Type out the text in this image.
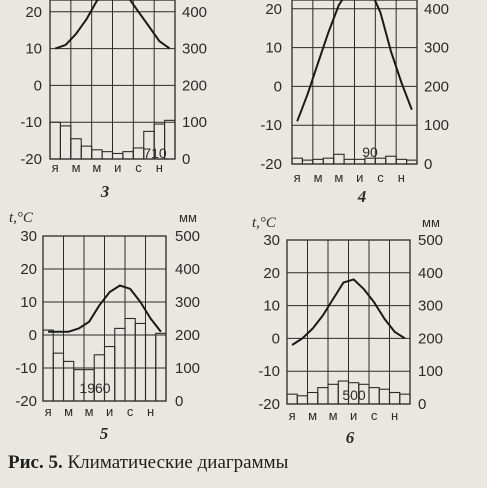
20
10
0
-10
-20
400
300
200
100
0
я м м и с н
710
3
20
10
0
-10
-20
400
300
200
100
0
я м м и с н
90
4
30
20
10
0
-10
-20
500
400
300
200
100
0
я м м и с н
1960
5
t,°C	мм
30
20
10
0
-10
-20
500
400
300
200
100
0
я м м и с н
500
6
t,°C	мм
Рис. 5. Климатические диаграммы
